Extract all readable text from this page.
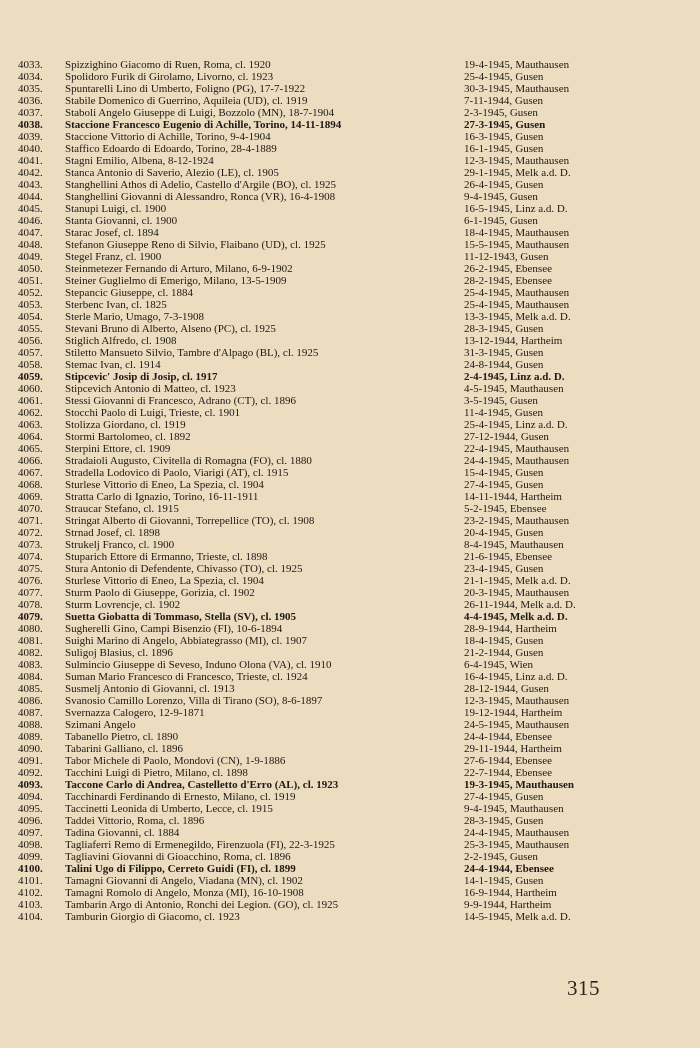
4033.	Spizzighino Giacomo di Ruen, Roma, cl. 1920	19-4-1945, Mauthausen
4034.	Spolidoro Furik di Girolamo, Livorno, cl. 1923	25-4-1945, Gusen
4035.	Spuntarelli Lino di Umberto, Foligno (PG), 17-7-1922	30-3-1945, Mauthausen
4036.	Stabile Domenico di Guerrino, Aquileia (UD), cl. 1919	7-11-1944, Gusen
4037.	Staboli Angelo Giuseppe di Luigi, Bozzolo (MN), 18-7-1904	2-3-1945, Gusen
4038.	Staccione Francesco Eugenio di Achille, Torino, 14-11-1894	27-3-1945, Gusen
4039.	Staccione Vittorio di Achille, Torino, 9-4-1904	16-3-1945, Gusen
4040.	Staffico Edoardo di Edoardo, Torino, 28-4-1889	16-1-1945, Gusen
4041.	Stagni Emilio, Albena, 8-12-1924	12-3-1945, Mauthausen
4042.	Stanca Antonio di Saverio, Alezio (LE), cl. 1905	29-1-1945, Melk a.d. D.
4043.	Stanghellini Athos di Adelio, Castello d'Argile (BO), cl. 1925	26-4-1945, Gusen
4044.	Stanghellini Giovanni di Alessandro, Ronca (VR), 16-4-1908	9-4-1945, Gusen
4045.	Stanupi Luigi, cl. 1900	16-5-1945, Linz a.d. D.
4046.	Stanta Giovanni, cl. 1900	6-1-1945, Gusen
4047.	Starac Josef, cl. 1894	18-4-1945, Mauthausen
4048.	Stefanon Giuseppe Reno di Silvio, Flaibano (UD), cl. 1925	15-5-1945, Mauthausen
4049.	Stegel Franz, cl. 1900	11-12-1943, Gusen
4050.	Steinmetezer Fernando di Arturo, Milano, 6-9-1902	26-2-1945, Ebensee
4051.	Steiner Guglielmo di Emerigo, Milano, 13-5-1909	28-2-1945, Ebensee
4052.	Stepancic Giuseppe, cl. 1884	25-4-1945, Mauthausen
4053.	Sterbenc Ivan, cl. 1825	25-4-1945, Mauthausen
4054.	Sterle Mario, Umago, 7-3-1908	13-3-1945, Melk a.d. D.
4055.	Stevani Bruno di Alberto, Alseno (PC), cl. 1925	28-3-1945, Gusen
4056.	Stiglich Alfredo, cl. 1908	13-12-1944, Hartheim
4057.	Stiletto Mansueto Silvio, Tambre d'Alpago (BL), cl. 1925	31-3-1945, Gusen
4058.	Stemac Ivan, cl. 1914	24-8-1944, Gusen
4059.	Stipcevic' Josip di Josip, cl. 1917	2-4-1945, Linz a.d. D.
4060.	Stipcevich Antonio di Matteo, cl. 1923	4-5-1945, Mauthausen
4061.	Stessi Giovanni di Francesco, Adrano (CT), cl. 1896	3-5-1945, Gusen
4062.	Stocchi Paolo di Luigi, Trieste, cl. 1901	11-4-1945, Gusen
4063.	Stolizza Giordano, cl. 1919	25-4-1945, Linz a.d. D.
4064.	Stormi Bartolomeo, cl. 1892	27-12-1944, Gusen
4065.	Sterpini Ettore, cl. 1909	22-4-1945, Mauthausen
4066.	Stradaioli Augusto, Civitella di Romagna (FO), cl. 1880	24-4-1945, Mauthausen
4067.	Stradella Lodovico di Paolo, Viarigi (AT), cl. 1915	15-4-1945, Gusen
4068.	Sturlese Vittorio di Eneo, La Spezia, cl. 1904	27-4-1945, Gusen
4069.	Stratta Carlo di Ignazio, Torino, 16-11-1911	14-11-1944, Hartheim
4070.	Straucar Stefano, cl. 1915	5-2-1945, Ebensee
4071.	Stringat Alberto di Giovanni, Torrepellice (TO), cl. 1908	23-2-1945, Mauthausen
4072.	Strnad Josef, cl. 1898	20-4-1945, Gusen
4073.	Strukelj Franco, cl. 1900	8-4-1945, Mauthausen
4074.	Stuparich Ettore di Ermanno, Trieste, cl. 1898	21-6-1945, Ebensee
4075.	Stura Antonio di Defendente, Chivasso (TO), cl. 1925	23-4-1945, Gusen
4076.	Sturlese Vittorio di Eneo, La Spezia, cl. 1904	21-1-1945, Melk a.d. D.
4077.	Sturm Paolo di Giuseppe, Gorizia, cl. 1902	20-3-1945, Mauthausen
4078.	Sturm Lovrencje, cl. 1902	26-11-1944, Melk a.d. D.
4079.	Suetta Giobatta di Tommaso, Stella (SV), cl. 1905	4-4-1945, Melk a.d. D.
4080.	Sugherelli Gino, Campi Bisenzio (FI), 10-6-1894	28-9-1944, Hartheim
4081.	Suighi Marino di Angelo, Abbiategrasso (MI), cl. 1907	18-4-1945, Gusen
4082.	Suligoj Blasius, cl. 1896	21-2-1944, Gusen
4083.	Sulmincio Giuseppe di Seveso, Induno Olona (VA), cl. 1910	6-4-1945, Wien
4084.	Suman Mario Francesco di Francesco, Trieste, cl. 1924	16-4-1945, Linz a.d. D.
4085.	Susmelj Antonio di Giovanni, cl. 1913	28-12-1944, Gusen
4086.	Svanosio Camillo Lorenzo, Villa di Tirano (SO), 8-6-1897	12-3-1945, Mauthausen
4087.	Svernazza Calogero, 12-9-1871	19-12-1944, Hartheim
4088.	Szimani Angelo	24-5-1945, Mauthausen
4089.	Tabanello Pietro, cl. 1890	24-4-1944, Ebensee
4090.	Tabarini Galliano, cl. 1896	29-11-1944, Hartheim
4091.	Tabor Michele di Paolo, Mondovì (CN), 1-9-1886	27-6-1944, Ebensee
4092.	Tacchini Luigi di Pietro, Milano, cl. 1898	22-7-1944, Ebensee
4093.	Taccone Carlo di Andrea, Castelletto d'Erro (AL), cl. 1923	19-3-1945, Mauthausen
4094.	Tacchinardi Ferdinando di Ernesto, Milano, cl. 1919	27-4-1945, Gusen
4095.	Taccinetti Leonida di Umberto, Lecce, cl. 1915	9-4-1945, Mauthausen
4096.	Taddei Vittorio, Roma, cl. 1896	28-3-1945, Gusen
4097.	Tadina Giovanni, cl. 1884	24-4-1945, Mauthausen
4098.	Tagliaferri Remo di Ermenegildo, Firenzuola (FI), 22-3-1925	25-3-1945, Mauthausen
4099.	Tagliavini Giovanni di Gioacchino, Roma, cl. 1896	2-2-1945, Gusen
4100.	Talini Ugo di Filippo, Cerreto Guidi (FI), cl. 1899	24-4-1944, Ebensee
4101.	Tamagni Giovanni di Angelo, Viadana (MN), cl. 1902	14-1-1945, Gusen
4102.	Tamagni Romolo di Angelo, Monza (MI), 16-10-1908	16-9-1944, Hartheim
4103.	Tambarin Argo di Antonio, Ronchi dei Legion. (GO), cl. 1925	9-9-1944, Hartheim
4104.	Tamburin Giorgio di Giacomo, cl. 1923	14-5-1945, Melk a.d. D.
315
